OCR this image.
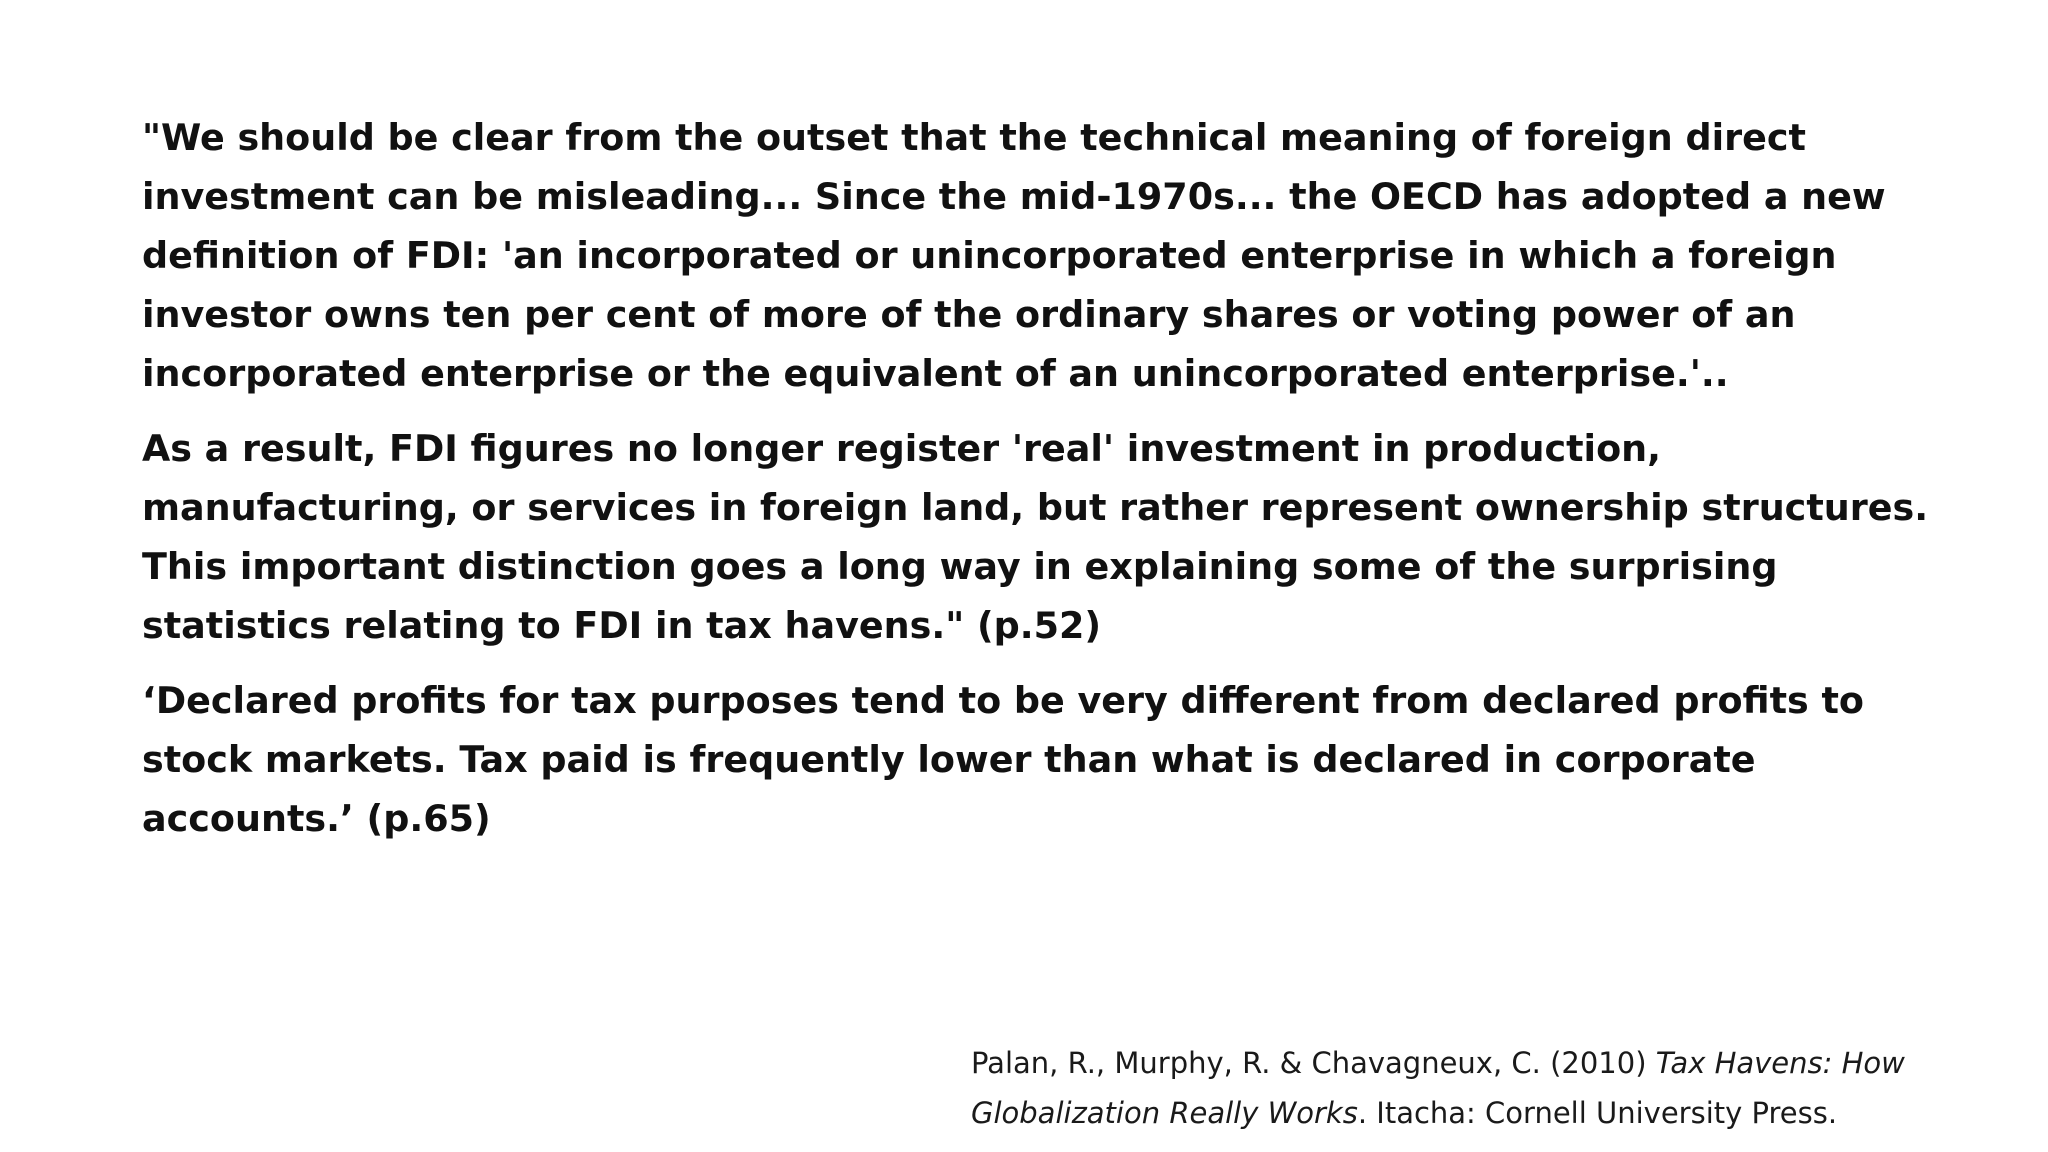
"We should be clear from the outset that the technical meaning of foreign direct investment can be misleading... Since the mid-1970s... the OECD has adopted a new definition of FDI: 'an incorporated or unincorporated enterprise in which a foreign investor owns ten per cent of more of the ordinary shares or voting power of an incorporated enterprise or the equivalent of an unincorporated enterprise.'..

As a result, FDI figures no longer register 'real' investment in production, manufacturing, or services in foreign land, but rather represent ownership structures. This important distinction goes a long way in explaining some of the surprising statistics relating to FDI in tax havens." (p.52)

‘Declared profits for tax purposes tend to be very different from declared profits to stock markets. Tax paid is frequently lower than what is declared in corporate accounts.’ (p.65)

Palan, R., Murphy, R. & Chavagneux, C. (2010) Tax Havens: How
Globalization Really Works. Itacha: Cornell University Press.
